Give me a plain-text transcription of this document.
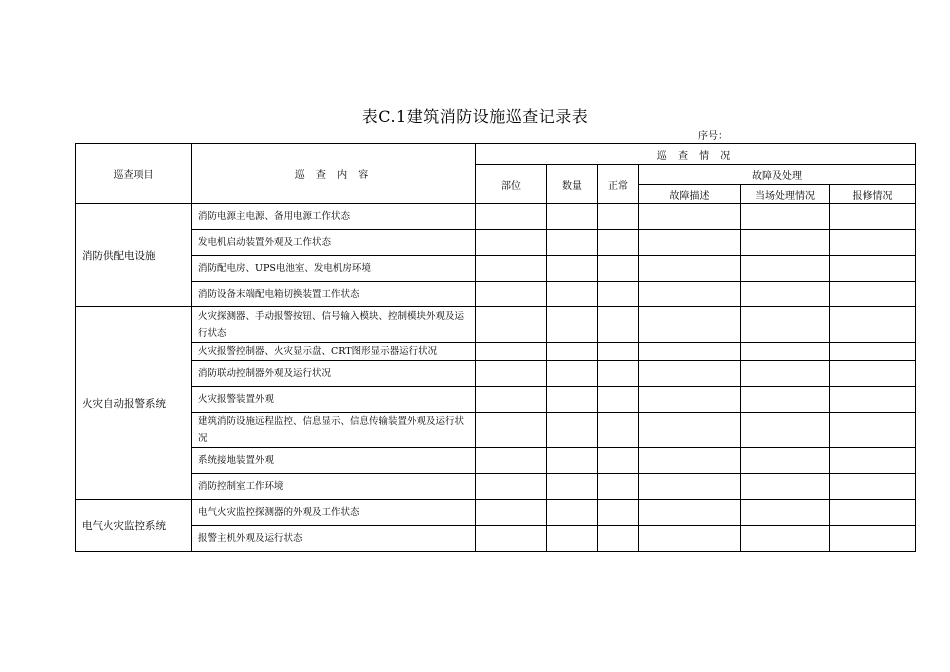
表C.1建筑消防设施巡查记录表
序号：
巡查项目	巡 查 内 容	巡 查 情 况					
		部位	数量	正常	故障及处理		
					故障描述	当场处理情况	报修情况
消防供配电设施	消防电源主电源、备用电源工作状态						
	发电机启动装置外观及工作状态						
	消防配电房、UPS电池室、发电机房环境						
	消防设备末端配电箱切换装置工作状态						
火灾自动报警系统	火灾探测器、手动报警按钮、信号输入模块、控制模块外观及运行状态						
	火灾报警控制器、火灾显示盘、CRT图形显示器运行状况						
	消防联动控制器外观及运行状况						
	火灾报警装置外观						
	建筑消防设施远程监控、信息显示、信息传输装置外观及运行状况						
	系统接地装置外观						
	消防控制室工作环境						
电气火灾监控系统	电气火灾监控探测器的外观及工作状态						
	报警主机外观及运行状态						
